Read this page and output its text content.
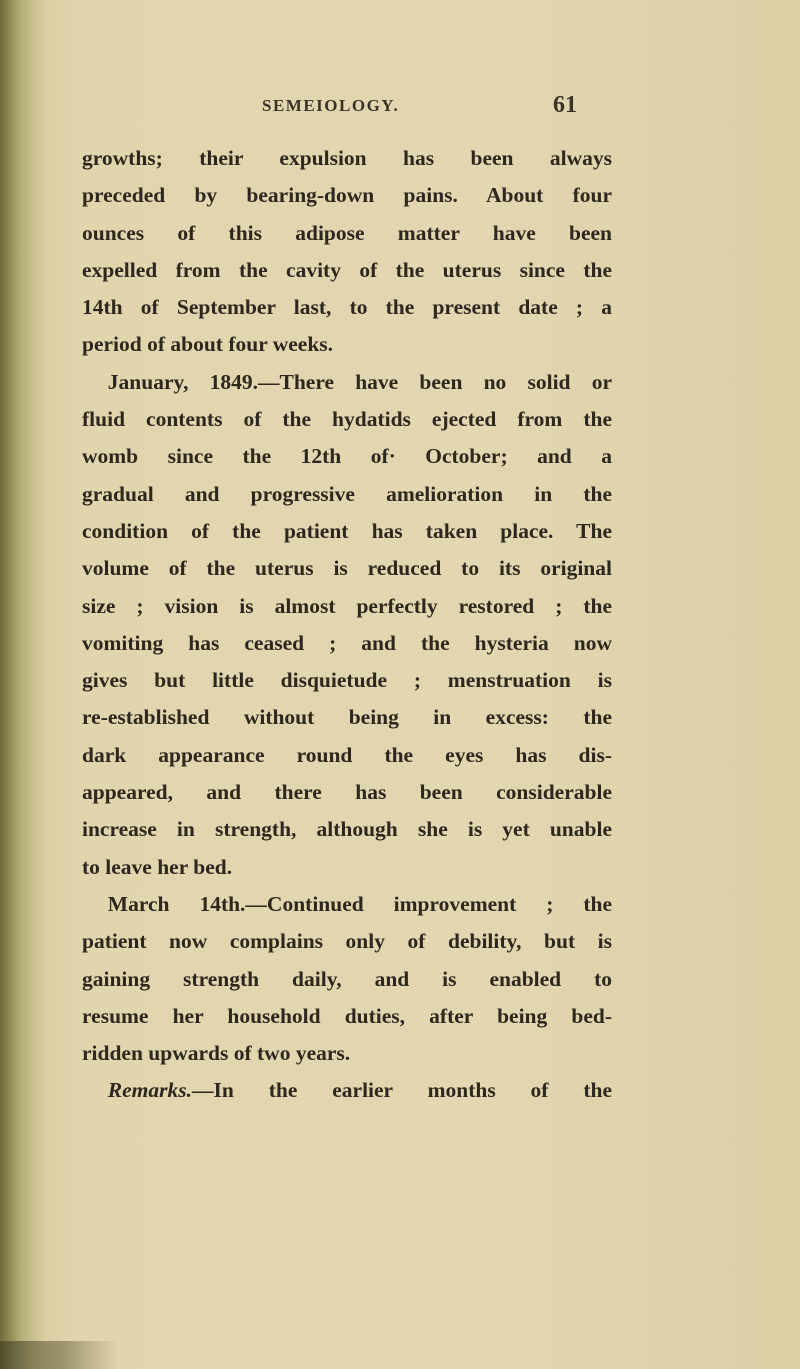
SEMEIOLOGY.	61
growths; their expulsion has been always
preceded by bearing-down pains. About four
ounces of this adipose matter have been
expelled from the cavity of the uterus since the
14th of September last, to the present date ; a
period of about four weeks.
January, 1849.—There have been no solid or
fluid contents of the hydatids ejected from the
womb since the 12th of· October; and a
gradual and progressive amelioration in the
condition of the patient has taken place. The
volume of the uterus is reduced to its original
size ; vision is almost perfectly restored ; the
vomiting has ceased ; and the hysteria now
gives but little disquietude ; menstruation is
re-established without being in excess: the
dark appearance round the eyes has dis-
appeared, and there has been considerable
increase in strength, although she is yet unable
to leave her bed.
March 14th.—Continued improvement ; the
patient now complains only of debility, but is
gaining strength daily, and is enabled to
resume her household duties, after being bed-
ridden upwards of two years.
Remarks.—In the earlier months of the
